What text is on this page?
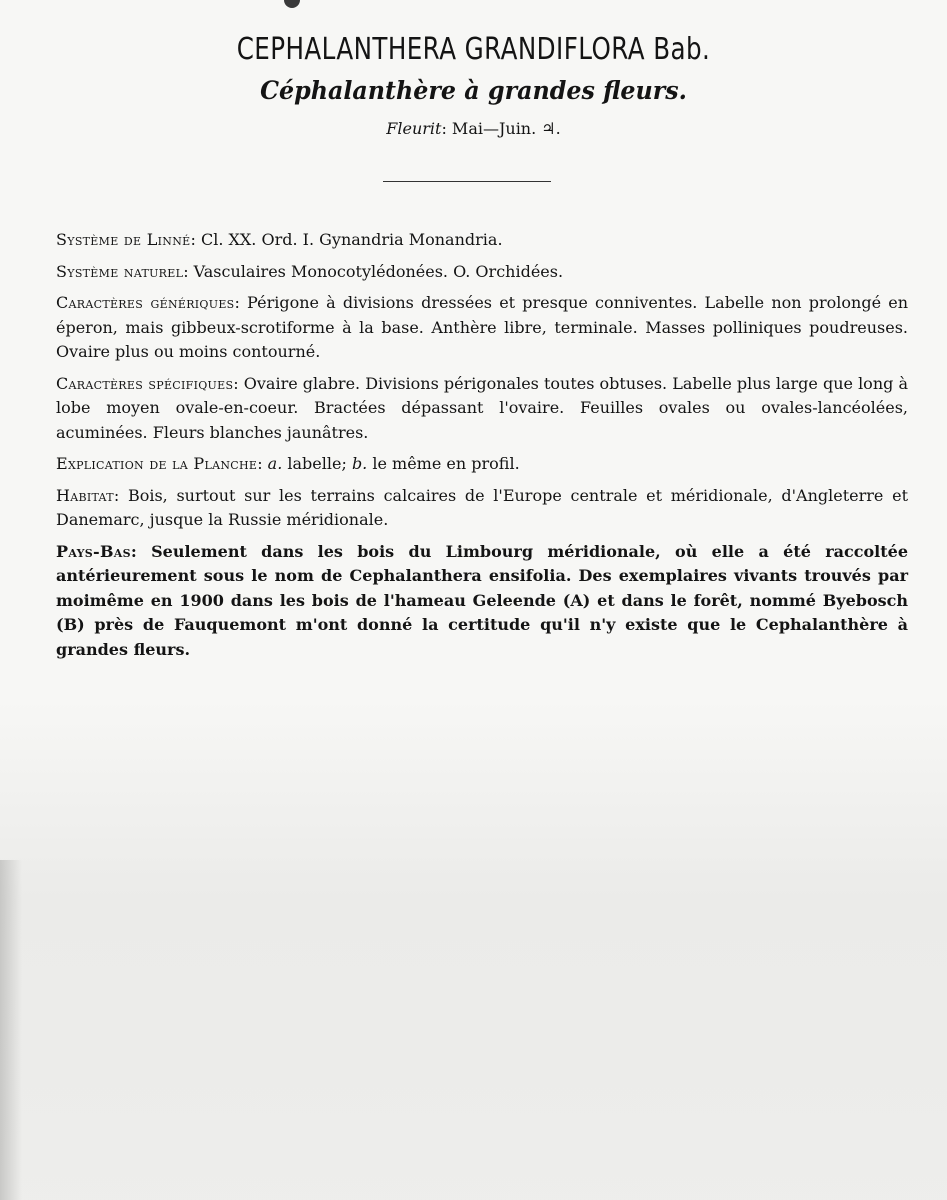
CEPHALANTHERA GRANDIFLORA Bab.
Céphalanthère à grandes fleurs.
Fleurit: Mai—Juin. ♃.

Système de Linné: Cl. XX. Ord. I. Gynandria Monandria.

Système naturel: Vasculaires Monocotylédonées. O. Orchidées.

Caractères génériques: Périgone à divisions dressées et presque conniventes. Labelle non prolongé en éperon, mais gibbeux-scrotiforme à la base. Anthère libre, terminale. Masses polliniques poudreuses. Ovaire plus ou moins contourné.

Caractères spécifiques: Ovaire glabre. Divisions périgonales toutes obtuses. Labelle plus large que long à lobe moyen ovale-en-coeur. Bractées dépassant l'ovaire. Feuilles ovales ou ovales-lancéolées, acuminées. Fleurs blanches jaunâtres.

Explication de la Planche: a. labelle; b. le même en profil.

Habitat: Bois, surtout sur les terrains calcaires de l'Europe centrale et méridionale, d'Angleterre et Danemarc, jusque la Russie méridionale.

Pays-Bas: Seulement dans les bois du Limbourg méridionale, où elle a été raccoltée antérieurement sous le nom de Cephalanthera ensifolia. Des exemplaires vivants trouvés par moimême en 1900 dans les bois de l'hameau Geleende (A) et dans le forêt, nommé Byebosch (B) près de Fauquemont m'ont donné la certitude qu'il n'y existe que le Cephalanthère à grandes fleurs.
